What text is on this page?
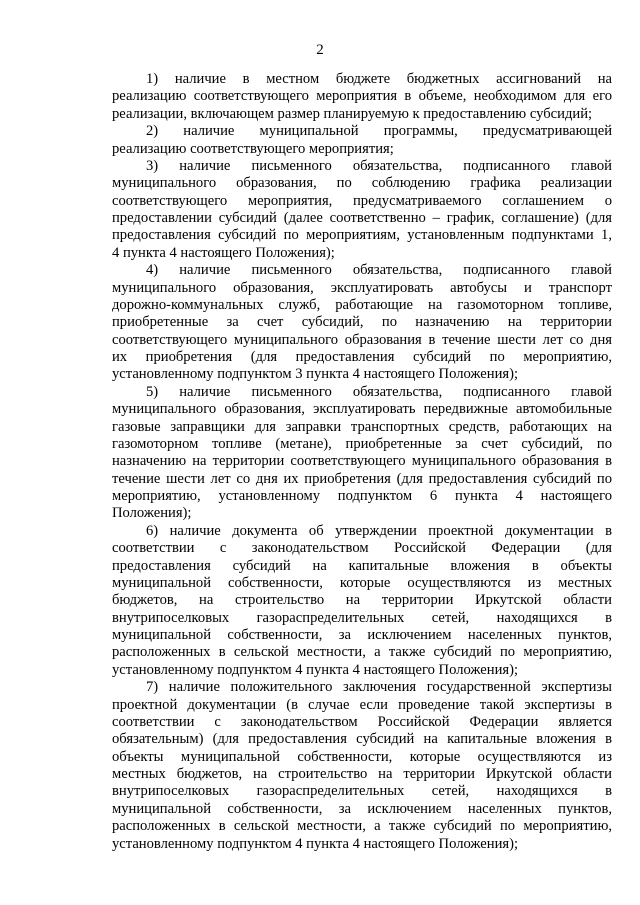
2
1) наличие в местном бюджете бюджетных ассигнований на
реализацию соответствующего мероприятия в объеме, необходимом для его
реализации, включающем размер планируемую к предоставлению субсидий;
2) наличие муниципальной программы, предусматривающей
реализацию соответствующего мероприятия;
3) наличие письменного обязательства, подписанного главой
муниципального образования, по соблюдению графика реализации
соответствующего мероприятия, предусматриваемого соглашением о
предоставлении субсидий (далее соответственно – график, соглашение) (для
предоставления субсидий по мероприятиям, установленным подпунктами 1,
4 пункта 4 настоящего Положения);
4) наличие письменного обязательства, подписанного главой
муниципального образования, эксплуатировать автобусы и транспорт
дорожно-коммунальных служб, работающие на газомоторном топливе,
приобретенные за счет субсидий, по назначению на территории
соответствующего муниципального образования в течение шести лет со дня
их приобретения (для предоставления субсидий по мероприятию,
установленному подпунктом 3 пункта 4 настоящего Положения);
5) наличие письменного обязательства, подписанного главой
муниципального образования, эксплуатировать передвижные автомобильные
газовые заправщики для заправки транспортных средств, работающих на
газомоторном топливе (метане), приобретенные за счет субсидий, по
назначению на территории соответствующего муниципального образования в
течение шести лет со дня их приобретения (для предоставления субсидий по
мероприятию, установленному подпунктом 6 пункта 4 настоящего
Положения);
6) наличие документа об утверждении проектной документации в
соответствии с законодательством Российской Федерации (для
предоставления субсидий на капитальные вложения в объекты
муниципальной собственности, которые осуществляются из местных
бюджетов, на строительство на территории Иркутской области
внутрипоселковых газораспределительных сетей, находящихся в
муниципальной собственности, за исключением населенных пунктов,
расположенных в сельской местности, а также субсидий по мероприятию,
установленному подпунктом 4 пункта 4 настоящего Положения);
7) наличие положительного заключения государственной экспертизы
проектной документации (в случае если проведение такой экспертизы в
соответствии с законодательством Российской Федерации является
обязательным) (для предоставления субсидий на капитальные вложения в
объекты муниципальной собственности, которые осуществляются из
местных бюджетов, на строительство на территории Иркутской области
внутрипоселковых газораспределительных сетей, находящихся в
муниципальной собственности, за исключением населенных пунктов,
расположенных в сельской местности, а также субсидий по мероприятию,
установленному подпунктом 4 пункта 4 настоящего Положения);
